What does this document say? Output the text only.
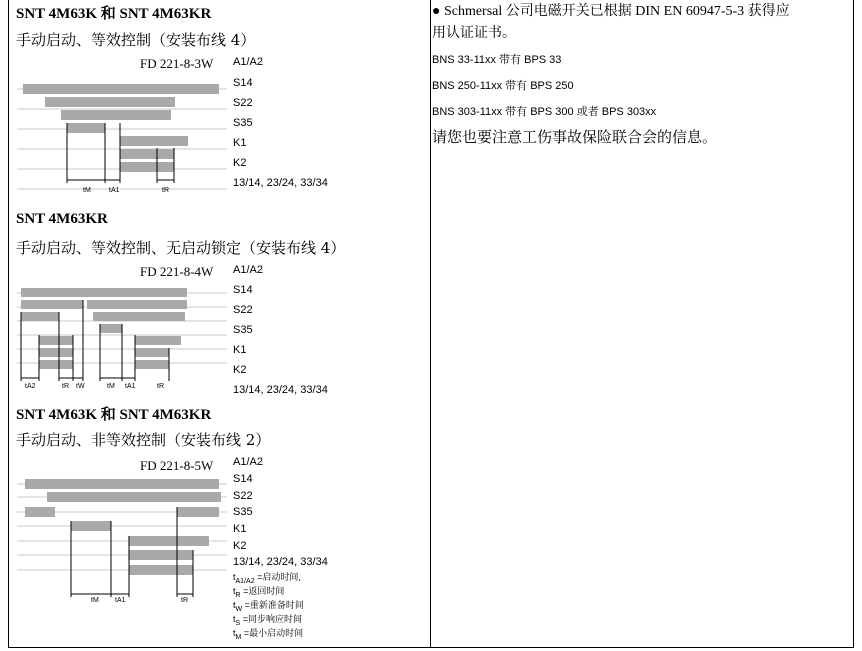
SNT 4M63K 和 SNT 4M63KR
手动启动、等效控制（安装布线 4）
FD 221-8-3W A1/A2
S14
S22
S35
K1
K2
13/14, 23/24, 33/34
tM	tA1	tR
SNT 4M63KR
手动启动、等效控制、无启动锁定（安装布线 4）
FD 221-8-4W A1/A2
S14
S22
S35
K1
K2
13/14, 23/24, 33/34
tA2	tR tW	tM tA1	tR
SNT 4M63K 和 SNT 4M63KR
手动启动、非等效控制（安装布线 2）
FD 221-8-5W A1/A2
S14
S22
S35
K1
K2
13/14, 23/24, 33/34
tM tA1	tR
$t_{A1/A2}$ =启动时间,
$t_R$ =返回时间
$t_W$ =重新准备时间
$t_S$ =同步响应时间
$t_M$ =最小启动时间
● Schmersal 公司电磁开关已根据 DIN EN 60947-5-3 获得应
用认证证书。
BNS 33-11xx 带有 BPS 33
BNS 250-11xx 带有 BPS 250
BNS 303-11xx 带有 BPS 300 或者 BPS 303xx
请您也要注意工伤事故保险联合会的信息。
